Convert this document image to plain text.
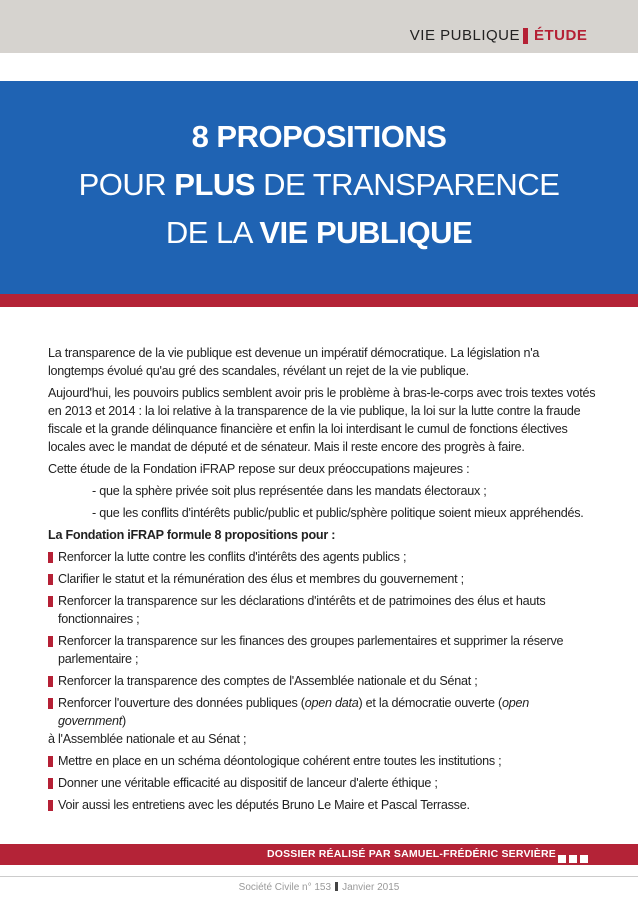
VIE PUBLIQUE ÉTUDE
8 PROPOSITIONS
POUR PLUS DE TRANSPARENCE
DE LA VIE PUBLIQUE

La transparence de la vie publique est devenue un impératif démocratique. La législation n'a longtemps évolué qu'au gré des scandales, révélant un rejet de la vie publique.

Aujourd'hui, les pouvoirs publics semblent avoir pris le problème à bras-le-corps avec trois textes votés en 2013 et 2014 : la loi relative à la transparence de la vie publique, la loi sur la lutte contre la fraude fiscale et la grande délinquance financière et enfin la loi interdisant le cumul de fonctions électives locales avec le mandat de député et de sénateur. Mais il reste encore des progrès à faire.

Cette étude de la Fondation iFRAP repose sur deux préoccupations majeures :

- que la sphère privée soit plus représentée dans les mandats électoraux ;

- que les conflits d'intérêts public/public et public/sphère politique soient mieux appréhendés.

La Fondation iFRAP formule 8 propositions pour :

Renforcer la lutte contre les conflits d'intérêts des agents publics ;

Clarifier le statut et la rémunération des élus et membres du gouvernement ;

Renforcer la transparence sur les déclarations d'intérêts et de patrimoines des élus et hauts fonctionnaires ;

Renforcer la transparence sur les finances des groupes parlementaires et supprimer la réserve parlementaire ;

Renforcer la transparence des comptes de l'Assemblée nationale et du Sénat ;

Renforcer l'ouverture des données publiques (open data) et la démocratie ouverte (open government)
à l'Assemblée nationale et au Sénat ;

Mettre en place en un schéma déontologique cohérent entre toutes les institutions ;

Donner une véritable efficacité au dispositif de lanceur d'alerte éthique ;

Voir aussi les entretiens avec les députés Bruno Le Maire et Pascal Terrasse.

DOSSIER RÉALISÉ PAR SAMUEL-FRÉDÉRIC SERVIÈRE
Société Civile n° 153 Janvier 2015
